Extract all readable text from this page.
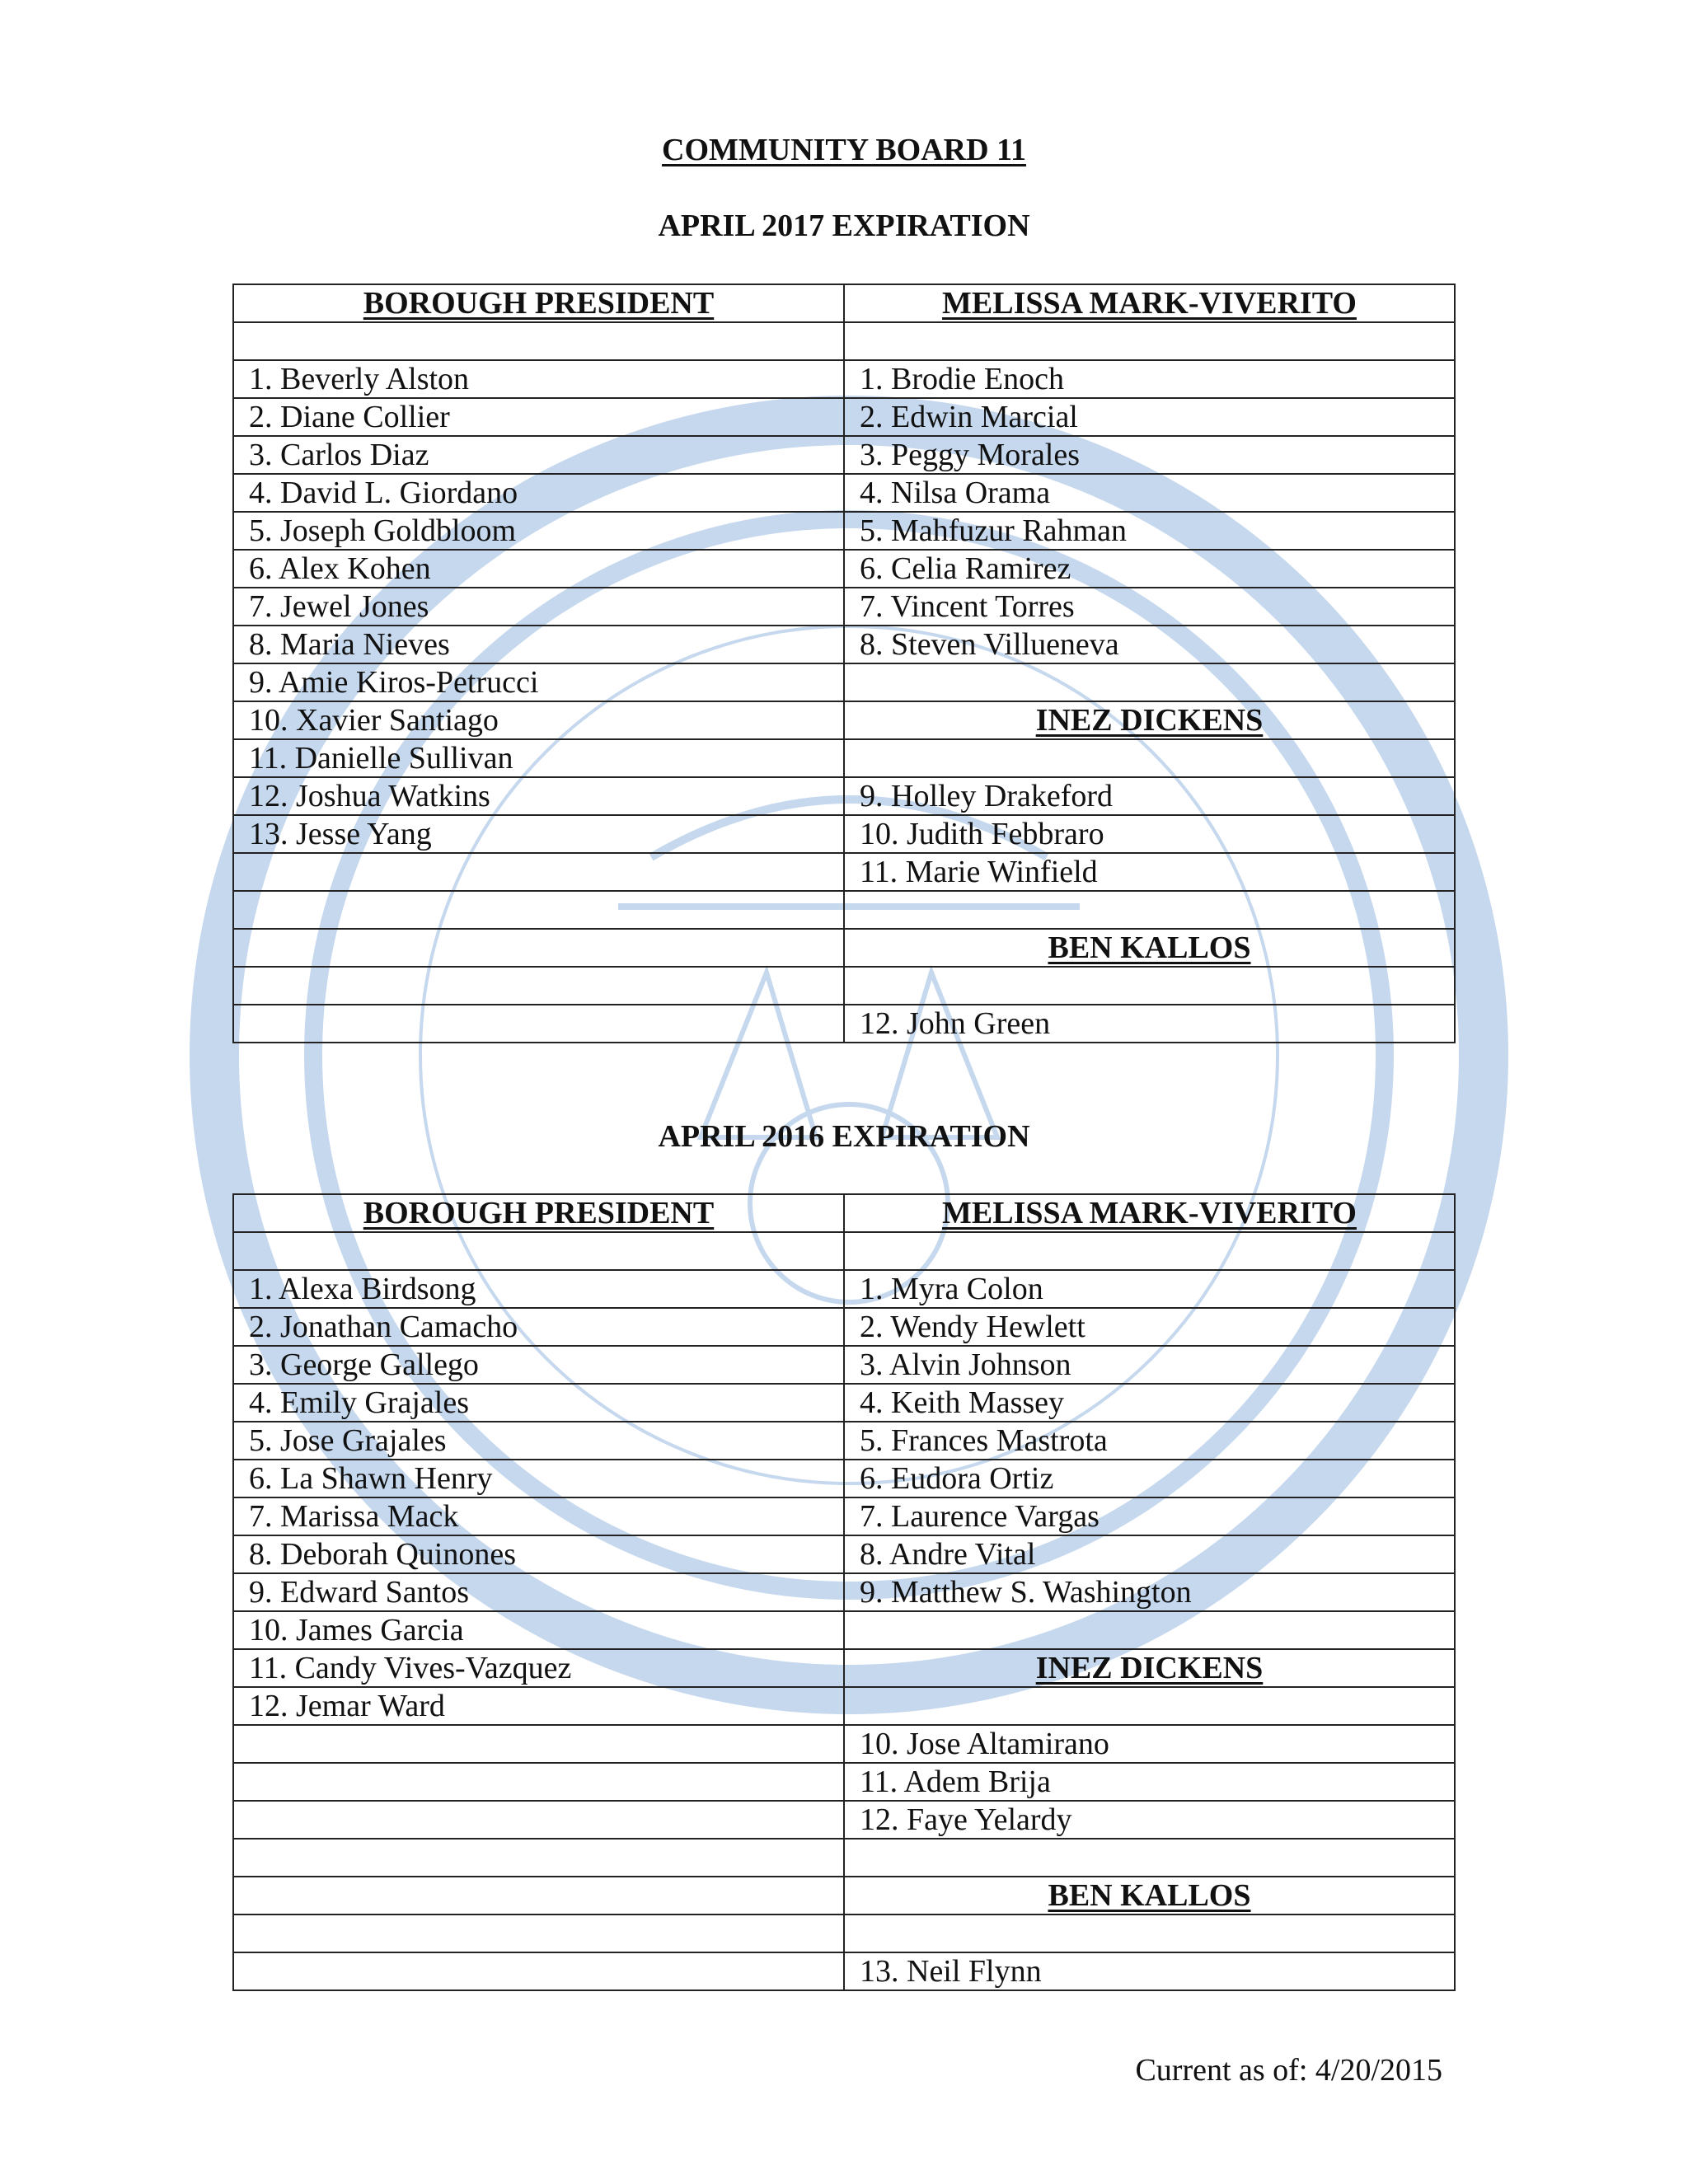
COMMUNITY BOARD 11
APRIL 2017 EXPIRATION
BOROUGH PRESIDENT	MELISSA MARK-VIVERITO

1. Beverly Alston	1. Brodie Enoch
2. Diane Collier	2. Edwin Marcial
3. Carlos Diaz	3. Peggy Morales
4. David L. Giordano	4. Nilsa Orama
5. Joseph Goldbloom	5. Mahfuzur Rahman
6. Alex Kohen	6. Celia Ramirez
7. Jewel Jones	7. Vincent Torres
8. Maria Nieves	8. Steven Villueneva
9. Amie Kiros-Petrucci	
10. Xavier Santiago	INEZ DICKENS
11. Danielle Sullivan	
12. Joshua Watkins	9. Holley Drakeford
13. Jesse Yang	10. Judith Febbraro
	11. Marie Winfield

	BEN KALLOS

	12. John Green
APRIL 2016 EXPIRATION
BOROUGH PRESIDENT	MELISSA MARK-VIVERITO

1. Alexa Birdsong	1. Myra Colon
2. Jonathan Camacho	2. Wendy Hewlett
3. George Gallego	3. Alvin Johnson
4. Emily Grajales	4. Keith Massey
5. Jose Grajales	5. Frances Mastrota
6. La Shawn Henry	6. Eudora Ortiz
7. Marissa Mack	7. Laurence Vargas
8. Deborah Quinones	8. Andre Vital
9. Edward Santos	9. Matthew S. Washington
10. James Garcia	
11. Candy Vives-Vazquez	INEZ DICKENS
12. Jemar Ward	
	10. Jose Altamirano
	11. Adem Brija
	12. Faye Yelardy

	BEN KALLOS

	13. Neil Flynn
Current as of: 4/20/2015
